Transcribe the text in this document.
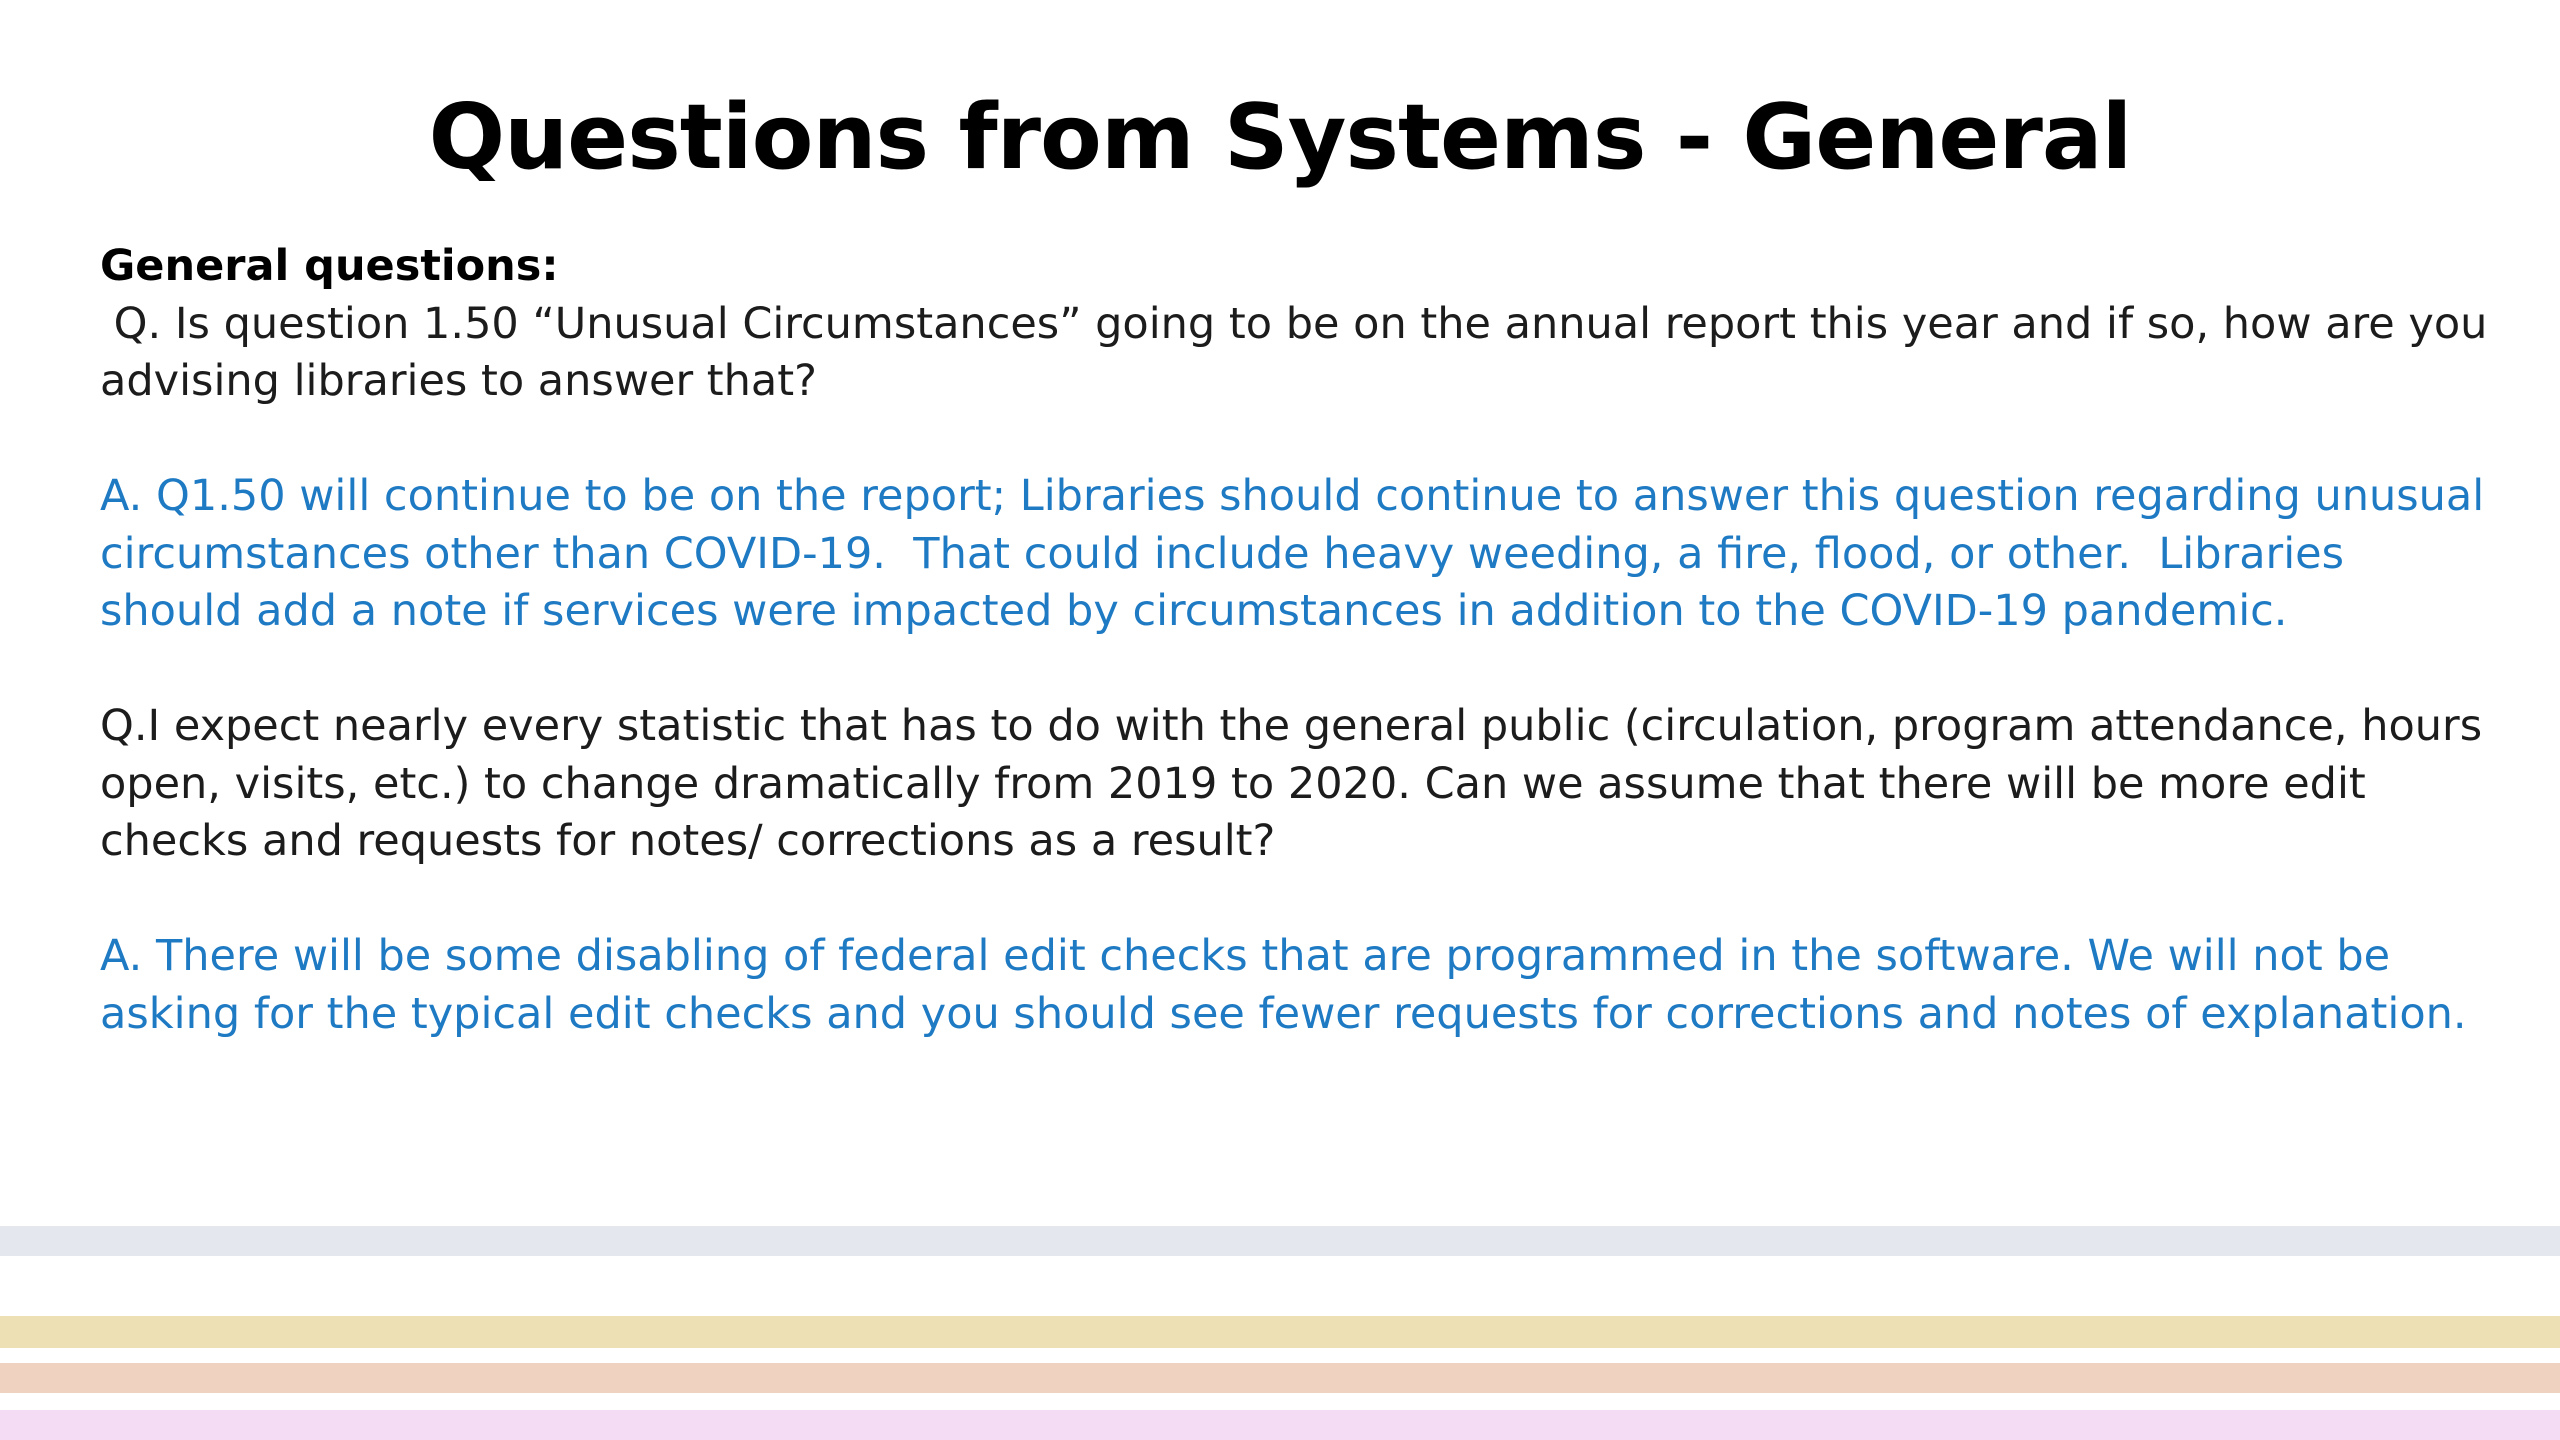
Questions from Systems - General

General questions:

Q. Is question 1.50 “Unusual Circumstances” going to be on the annual report this year and if so, how are you advising libraries to answer that?

A. Q1.50 will continue to be on the report; Libraries should continue to answer this question regarding unusual circumstances other than COVID-19.  That could include heavy weeding, a fire, flood, or other.  Libraries should add a note if services were impacted by circumstances in addition to the COVID-19 pandemic.

Q.I expect nearly every statistic that has to do with the general public (circulation, program attendance, hours open, visits, etc.) to change dramatically from 2019 to 2020. Can we assume that there will be more edit checks and requests for notes/ corrections as a result?

A. There will be some disabling of federal edit checks that are programmed in the software. We will not be asking for the typical edit checks and you should see fewer requests for corrections and notes of explanation.
